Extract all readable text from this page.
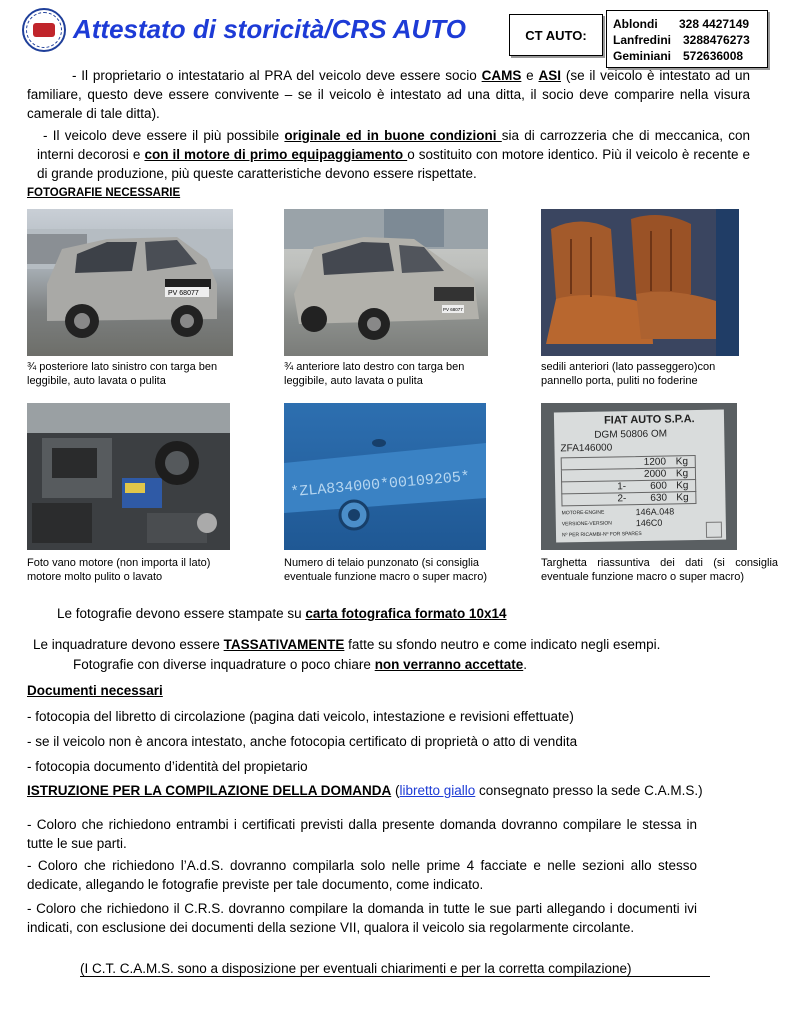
Attestato di storicità/CRS AUTO	CT AUTO:
Ablondi 328 4427149
Lanfredini 3288476273
Geminiani 572636008

- Il proprietario o intestatario al PRA del veicolo deve essere socio CAMS e ASI (se il veicolo è intestato ad un familiare, questo deve essere convivente – se il veicolo è intestato ad una ditta, il socio deve comparire nella visura camerale di tale ditta).

- Il veicolo deve essere il più possibile originale ed in buone condizioni sia di carrozzeria che di meccanica, con interni decorosi e con il motore di primo equipaggiamento o sostituito con motore identico. Più il veicolo è recente e di grande produzione, più queste caratteristiche devono essere rispettate.

FOTOGRAFIE NECESSARIE
PV 68077
¾ posteriore lato sinistro con targa ben leggibile, auto lavata o pulita
PV 68077
¾ anteriore lato destro con targa ben leggibile, auto lavata o pulita
sedili anteriori (lato passeggero)con pannello porta, puliti no foderine
Foto vano motore (non importa il lato) motore molto pulito o lavato
*ZLA834000*00109205*
Numero di telaio punzonato (si consiglia eventuale funzione macro o super macro)
FIAT AUTO S.P.A.
DGM 50806 OM
ZFA146000
1200 Kg
2000 Kg
1- 600 Kg
2- 630 Kg
MOTORE-ENGINE	146A.048
VERSIONE-VERSION	146C0
Nº PER RICAMBI-Nº FOR SPARES
Targhetta riassuntiva dei dati (si consiglia eventuale funzione macro o super macro)

Le fotografie devono essere stampate su carta fotografica formato 10x14

Le inquadrature devono essere TASSATIVAMENTE fatte su sfondo neutro e come indicato negli esempi.

Fotografie con diverse inquadrature o poco chiare non verranno accettate.

Documenti necessari

- fotocopia del libretto di circolazione (pagina dati veicolo, intestazione e revisioni effettuate)

- se il veicolo non è ancora intestato, anche fotocopia certificato di proprietà o atto di vendita

- fotocopia documento d’identità del propietario

ISTRUZIONE PER LA COMPILAZIONE DELLA DOMANDA (libretto giallo consegnato presso la sede C.A.M.S.)

- Coloro che richiedono entrambi i certificati previsti dalla presente domanda dovranno compilare le stessa in tutte le sue parti.

- Coloro che richiedono l’A.d.S. dovranno compilarla solo nelle prime 4 facciate e nelle sezioni allo stesso dedicate, allegando le fotografie previste per tale documento, come indicato.

- Coloro che richiedono il C.R.S. dovranno compilare la domanda in tutte le sue parti allegando i documenti ivi indicati, con esclusione dei documenti della sezione VII, qualora il veicolo sia regolarmente circolante.

(I C.T. C.A.M.S. sono a disposizione per eventuali chiarimenti e per la corretta compilazione)
